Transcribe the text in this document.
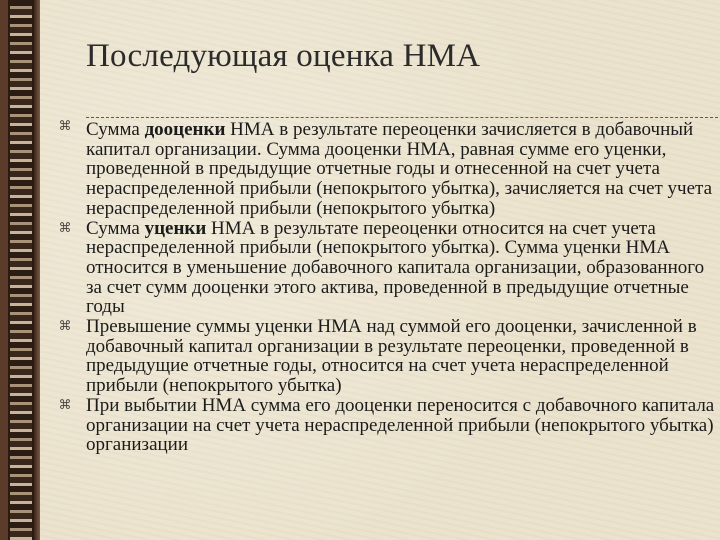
Последующая оценка НМА
⌘ Сумма дооценки НМА в результате переоценки зачисляется в добавочный капитал организации. Сумма дооценки НМА, равная сумме его уценки, проведенной в предыдущие отчетные годы и отнесенной на счет учета нераспределенной прибыли (непокрытого убытка), зачисляется на счет учета нераспределенной прибыли (непокрытого убытка)
⌘ Сумма уценки НМА в результате переоценки относится на счет учета нераспределенной прибыли (непокрытого убытка). Сумма уценки НМА относится в уменьшение добавочного капитала организации, образованного за счет сумм дооценки этого актива, проведенной в предыдущие отчетные годы
⌘ Превышение суммы уценки НМА над суммой его дооценки, зачисленной в добавочный капитал организации в результате переоценки, проведенной в предыдущие отчетные годы, относится на счет учета нераспределенной прибыли (непокрытого убытка)
⌘ При выбытии НМА сумма его дооценки переносится с добавочного капитала организации на счет учета нераспределенной прибыли (непокрытого убытка) организации
